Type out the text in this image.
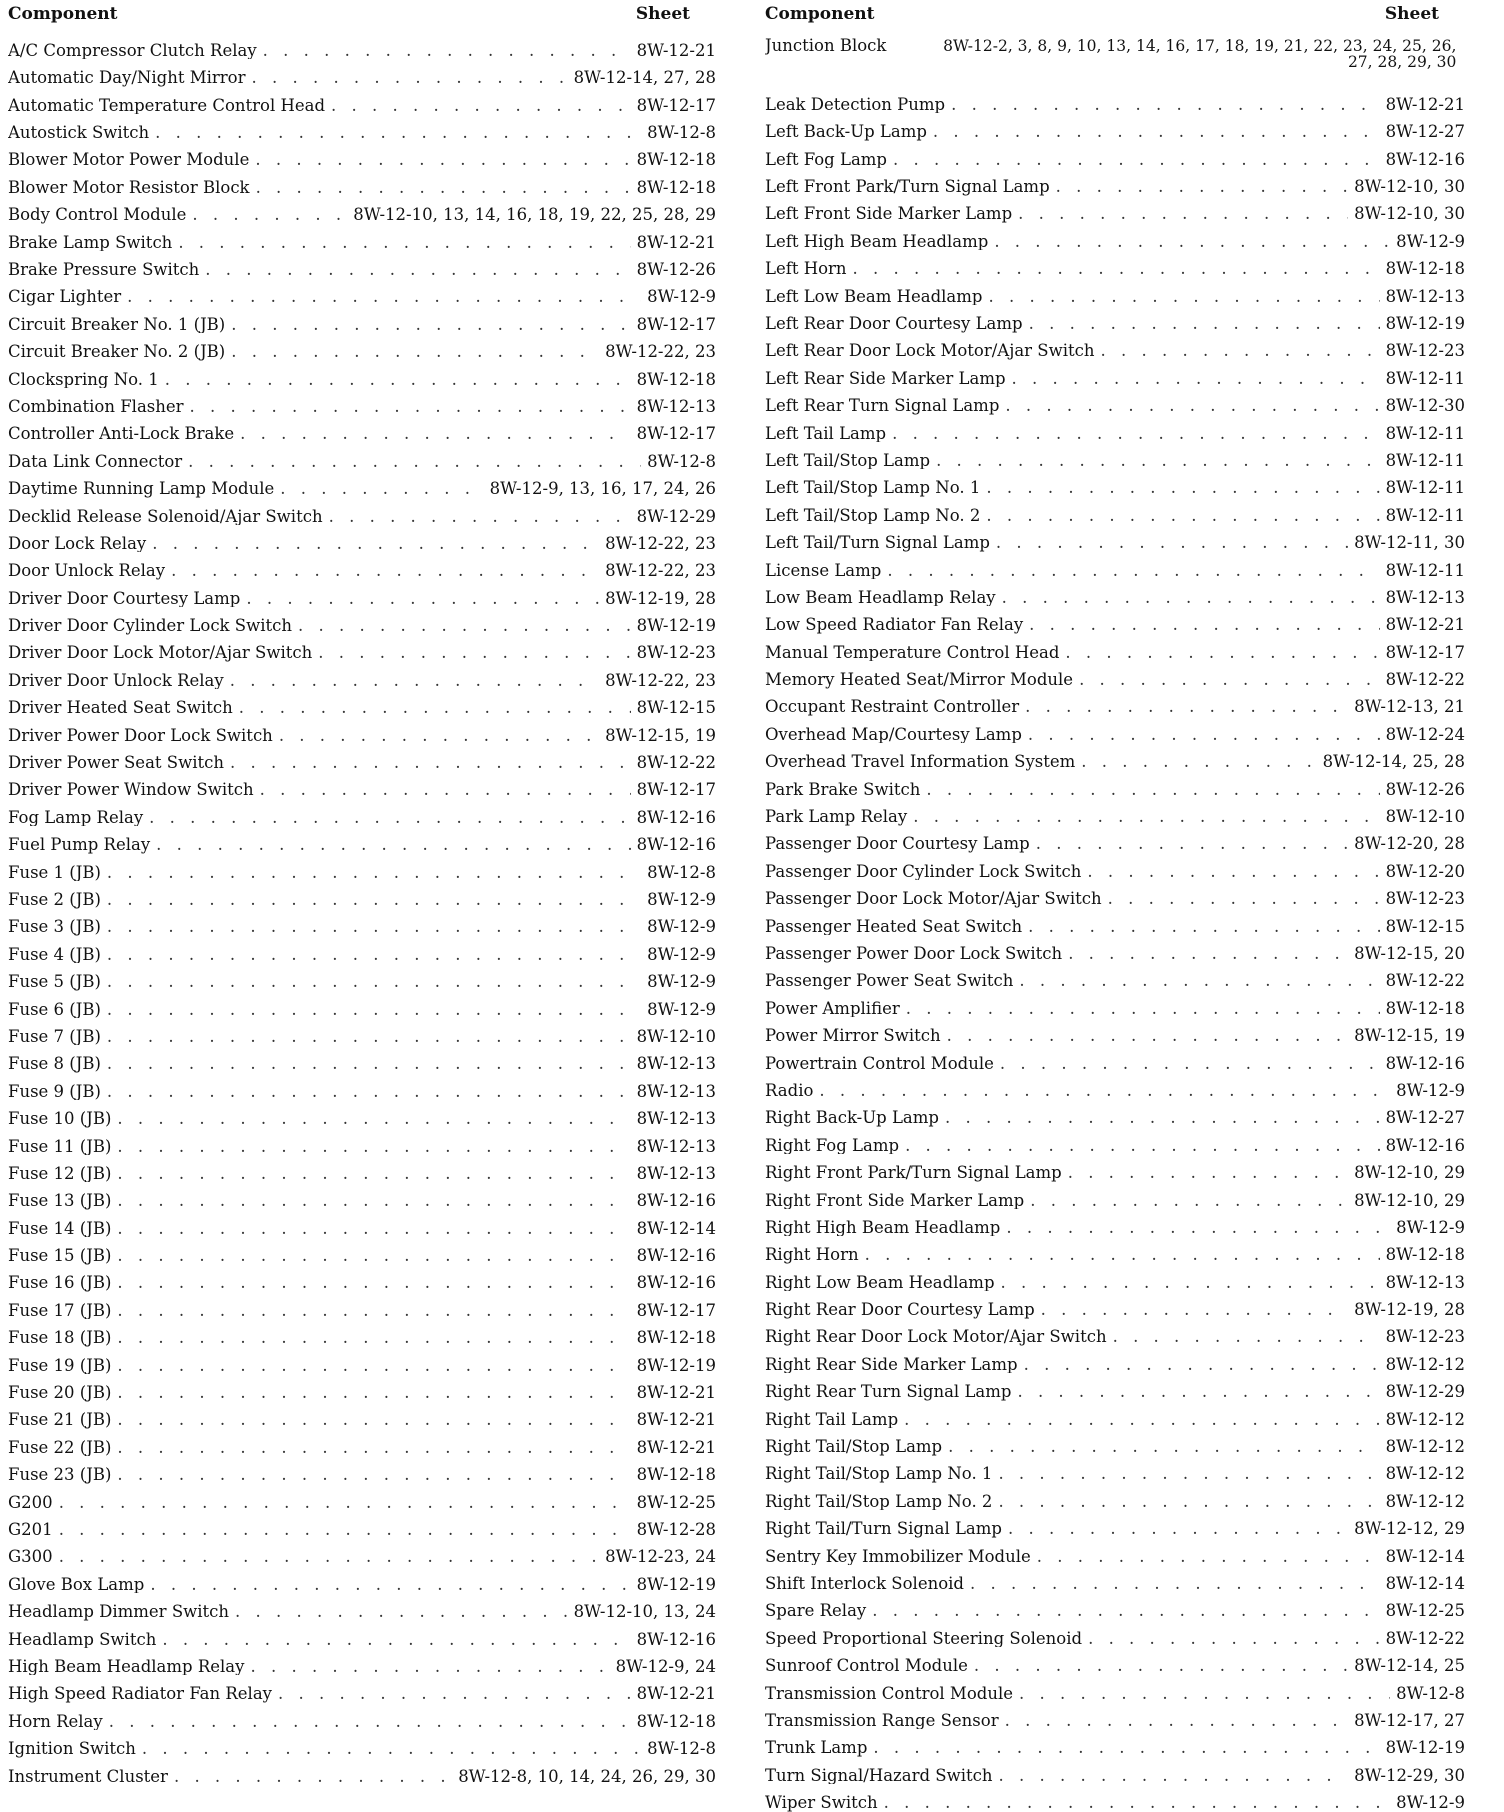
Component	Sheet
A/C Compressor Clutch Relay . . .	8W-12-21
Automatic Day/Night Mirror . . .	8W-12-14, 27, 28
Automatic Temperature Control Head . . .	8W-12-17
Autostick Switch . . .	8W-12-8
Blower Motor Power Module . . .	8W-12-18
Blower Motor Resistor Block . . .	8W-12-18
Body Control Module . . .	8W-12-10, 13, 14, 16, 18, 19, 22, 25, 28, 29
Brake Lamp Switch . . .	8W-12-21
Brake Pressure Switch . . .	8W-12-26
Cigar Lighter . . .	8W-12-9
Circuit Breaker No. 1 (JB) . . .	8W-12-17
Circuit Breaker No. 2 (JB) . . .	8W-12-22, 23
Clockspring No. 1 . . .	8W-12-18
Combination Flasher . . .	8W-12-13
Controller Anti-Lock Brake . . .	8W-12-17
Data Link Connector . . .	8W-12-8
Daytime Running Lamp Module . . .	8W-12-9, 13, 16, 17, 24, 26
Decklid Release Solenoid/Ajar Switch . . .	8W-12-29
Door Lock Relay . . .	8W-12-22, 23
Door Unlock Relay . . .	8W-12-22, 23
Driver Door Courtesy Lamp . . .	8W-12-19, 28
Driver Door Cylinder Lock Switch . . .	8W-12-19
Driver Door Lock Motor/Ajar Switch . . .	8W-12-23
Driver Door Unlock Relay . . .	8W-12-22, 23
Driver Heated Seat Switch . . .	8W-12-15
Driver Power Door Lock Switch . . .	8W-12-15, 19
Driver Power Seat Switch . . .	8W-12-22
Driver Power Window Switch . . .	8W-12-17
Fog Lamp Relay . . .	8W-12-16
Fuel Pump Relay . . .	8W-12-16
Fuse 1 (JB) . . .	8W-12-8
Fuse 2 (JB) . . .	8W-12-9
Fuse 3 (JB) . . .	8W-12-9
Fuse 4 (JB) . . .	8W-12-9
Fuse 5 (JB) . . .	8W-12-9
Fuse 6 (JB) . . .	8W-12-9
Fuse 7 (JB) . . .	8W-12-10
Fuse 8 (JB) . . .	8W-12-13
Fuse 9 (JB) . . .	8W-12-13
Fuse 10 (JB) . . .	8W-12-13
Fuse 11 (JB) . . .	8W-12-13
Fuse 12 (JB) . . .	8W-12-13
Fuse 13 (JB) . . .	8W-12-16
Fuse 14 (JB) . . .	8W-12-14
Fuse 15 (JB) . . .	8W-12-16
Fuse 16 (JB) . . .	8W-12-16
Fuse 17 (JB) . . .	8W-12-17
Fuse 18 (JB) . . .	8W-12-18
Fuse 19 (JB) . . .	8W-12-19
Fuse 20 (JB) . . .	8W-12-21
Fuse 21 (JB) . . .	8W-12-21
Fuse 22 (JB) . . .	8W-12-21
Fuse 23 (JB) . . .	8W-12-18
G200 . . .	8W-12-25
G201 . . .	8W-12-28
G300 . . .	8W-12-23, 24
Glove Box Lamp . . .	8W-12-19
Headlamp Dimmer Switch . . .	8W-12-10, 13, 24
Headlamp Switch . . .	8W-12-16
High Beam Headlamp Relay . . .	8W-12-9, 24
High Speed Radiator Fan Relay . . .	8W-12-21
Horn Relay . . .	8W-12-18
Ignition Switch . . .	8W-12-8
Instrument Cluster . . .	8W-12-8, 10, 14, 24, 26, 29, 30
Component	Sheet
Junction Block	8W-12-2, 3, 8, 9, 10, 13, 14, 16, 17, 18, 19, 21, 22, 23, 24, 25, 26, 27, 28, 29, 30
Leak Detection Pump . . .	8W-12-21
Left Back-Up Lamp . . .	8W-12-27
Left Fog Lamp . . .	8W-12-16
Left Front Park/Turn Signal Lamp . . .	8W-12-10, 30
Left Front Side Marker Lamp . . .	8W-12-10, 30
Left High Beam Headlamp . . .	8W-12-9
Left Horn . . .	8W-12-18
Left Low Beam Headlamp . . .	8W-12-13
Left Rear Door Courtesy Lamp . . .	8W-12-19
Left Rear Door Lock Motor/Ajar Switch . . .	8W-12-23
Left Rear Side Marker Lamp . . .	8W-12-11
Left Rear Turn Signal Lamp . . .	8W-12-30
Left Tail Lamp . . .	8W-12-11
Left Tail/Stop Lamp . . .	8W-12-11
Left Tail/Stop Lamp No. 1 . . .	8W-12-11
Left Tail/Stop Lamp No. 2 . . .	8W-12-11
Left Tail/Turn Signal Lamp . . .	8W-12-11, 30
License Lamp . . .	8W-12-11
Low Beam Headlamp Relay . . .	8W-12-13
Low Speed Radiator Fan Relay . . .	8W-12-21
Manual Temperature Control Head . . .	8W-12-17
Memory Heated Seat/Mirror Module . . .	8W-12-22
Occupant Restraint Controller . . .	8W-12-13, 21
Overhead Map/Courtesy Lamp . . .	8W-12-24
Overhead Travel Information System . . .	8W-12-14, 25, 28
Park Brake Switch . . .	8W-12-26
Park Lamp Relay . . .	8W-12-10
Passenger Door Courtesy Lamp . . .	8W-12-20, 28
Passenger Door Cylinder Lock Switch . . .	8W-12-20
Passenger Door Lock Motor/Ajar Switch . . .	8W-12-23
Passenger Heated Seat Switch . . .	8W-12-15
Passenger Power Door Lock Switch . . .	8W-12-15, 20
Passenger Power Seat Switch . . .	8W-12-22
Power Amplifier . . .	8W-12-18
Power Mirror Switch . . .	8W-12-15, 19
Powertrain Control Module . . .	8W-12-16
Radio . . .	8W-12-9
Right Back-Up Lamp . . .	8W-12-27
Right Fog Lamp . . .	8W-12-16
Right Front Park/Turn Signal Lamp . . .	8W-12-10, 29
Right Front Side Marker Lamp . . .	8W-12-10, 29
Right High Beam Headlamp . . .	8W-12-9
Right Horn . . .	8W-12-18
Right Low Beam Headlamp . . .	8W-12-13
Right Rear Door Courtesy Lamp . . .	8W-12-19, 28
Right Rear Door Lock Motor/Ajar Switch . . .	8W-12-23
Right Rear Side Marker Lamp . . .	8W-12-12
Right Rear Turn Signal Lamp . . .	8W-12-29
Right Tail Lamp . . .	8W-12-12
Right Tail/Stop Lamp . . .	8W-12-12
Right Tail/Stop Lamp No. 1 . . .	8W-12-12
Right Tail/Stop Lamp No. 2 . . .	8W-12-12
Right Tail/Turn Signal Lamp . . .	8W-12-12, 29
Sentry Key Immobilizer Module . . .	8W-12-14
Shift Interlock Solenoid . . .	8W-12-14
Spare Relay . . .	8W-12-25
Speed Proportional Steering Solenoid . . .	8W-12-22
Sunroof Control Module . . .	8W-12-14, 25
Transmission Control Module . . .	8W-12-8
Transmission Range Sensor . . .	8W-12-17, 27
Trunk Lamp . . .	8W-12-19
Turn Signal/Hazard Switch . . .	8W-12-29, 30
Wiper Switch . . .	8W-12-9
